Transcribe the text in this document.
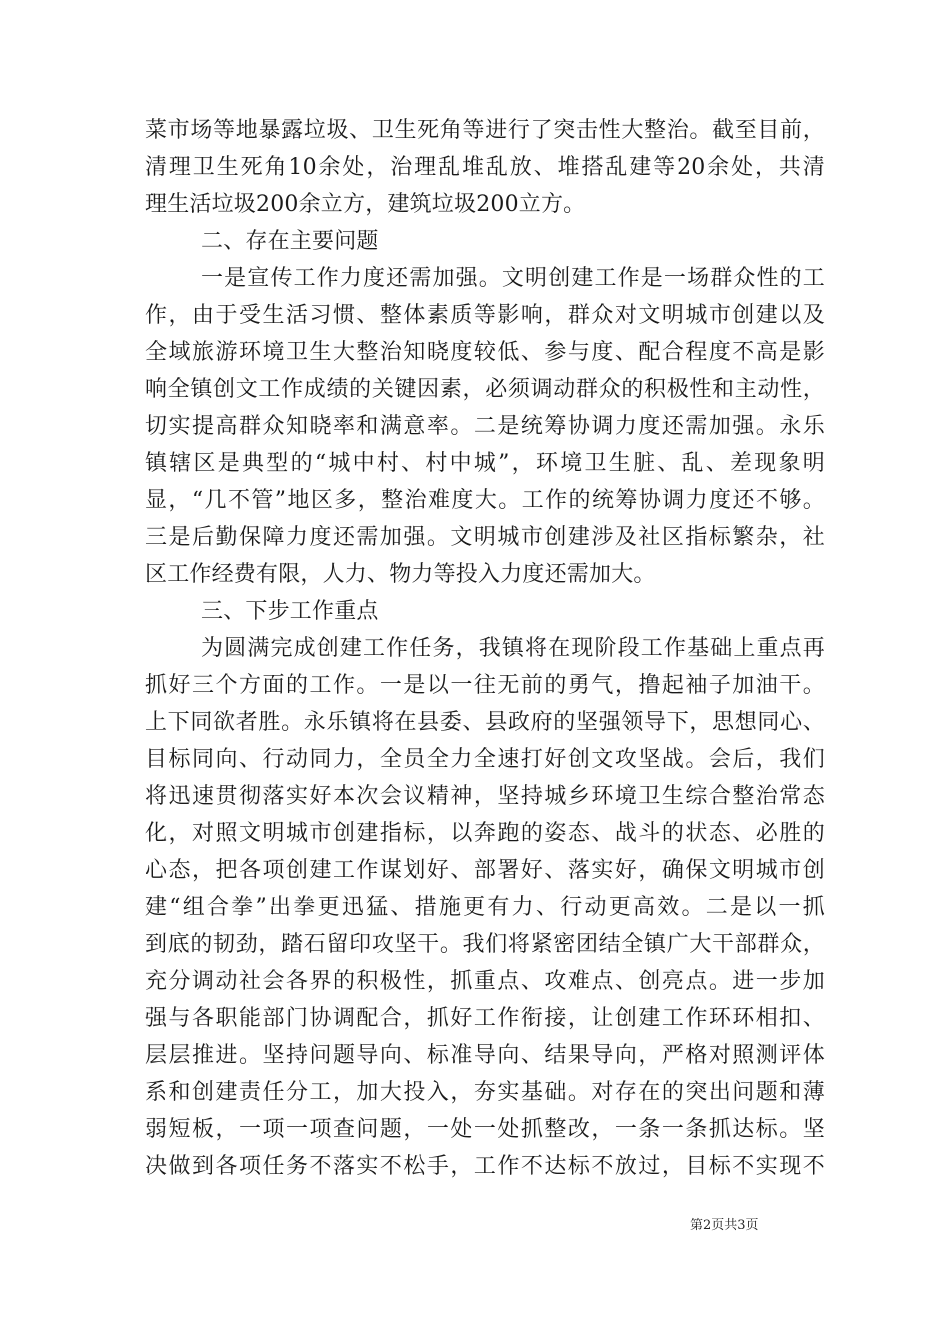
菜市场等地暴露垃圾、卫生死角等进行了突击性大整治。截至目前，
清理卫生死角10余处，治理乱堆乱放、堆搭乱建等20余处，共清
理生活垃圾200余立方，建筑垃圾200立方。
二、存在主要问题
一是宣传工作力度还需加强。文明创建工作是一场群众性的工
作，由于受生活习惯、整体素质等影响，群众对文明城市创建以及
全域旅游环境卫生大整治知晓度较低、参与度、配合程度不高是影
响全镇创文工作成绩的关键因素，必须调动群众的积极性和主动性，
切实提高群众知晓率和满意率。二是统筹协调力度还需加强。永乐
镇辖区是典型的“城中村、村中城”，环境卫生脏、乱、差现象明
显，“几不管”地区多，整治难度大。工作的统筹协调力度还不够。
三是后勤保障力度还需加强。文明城市创建涉及社区指标繁杂，社
区工作经费有限，人力、物力等投入力度还需加大。
三、下步工作重点
为圆满完成创建工作任务，我镇将在现阶段工作基础上重点再
抓好三个方面的工作。一是以一往无前的勇气，撸起袖子加油干。
上下同欲者胜。永乐镇将在县委、县政府的坚强领导下，思想同心、
目标同向、行动同力，全员全力全速打好创文攻坚战。会后，我们
将迅速贯彻落实好本次会议精神，坚持城乡环境卫生综合整治常态
化，对照文明城市创建指标，以奔跑的姿态、战斗的状态、必胜的
心态，把各项创建工作谋划好、部署好、落实好，确保文明城市创
建“组合拳”出拳更迅猛、措施更有力、行动更高效。二是以一抓
到底的韧劲，踏石留印攻坚干。我们将紧密团结全镇广大干部群众，
充分调动社会各界的积极性，抓重点、攻难点、创亮点。进一步加
强与各职能部门协调配合，抓好工作衔接，让创建工作环环相扣、
层层推进。坚持问题导向、标准导向、结果导向，严格对照测评体
系和创建责任分工，加大投入，夯实基础。对存在的突出问题和薄
弱短板，一项一项查问题，一处一处抓整改，一条一条抓达标。坚
决做到各项任务不落实不松手，工作不达标不放过，目标不实现不
第2页共3页
